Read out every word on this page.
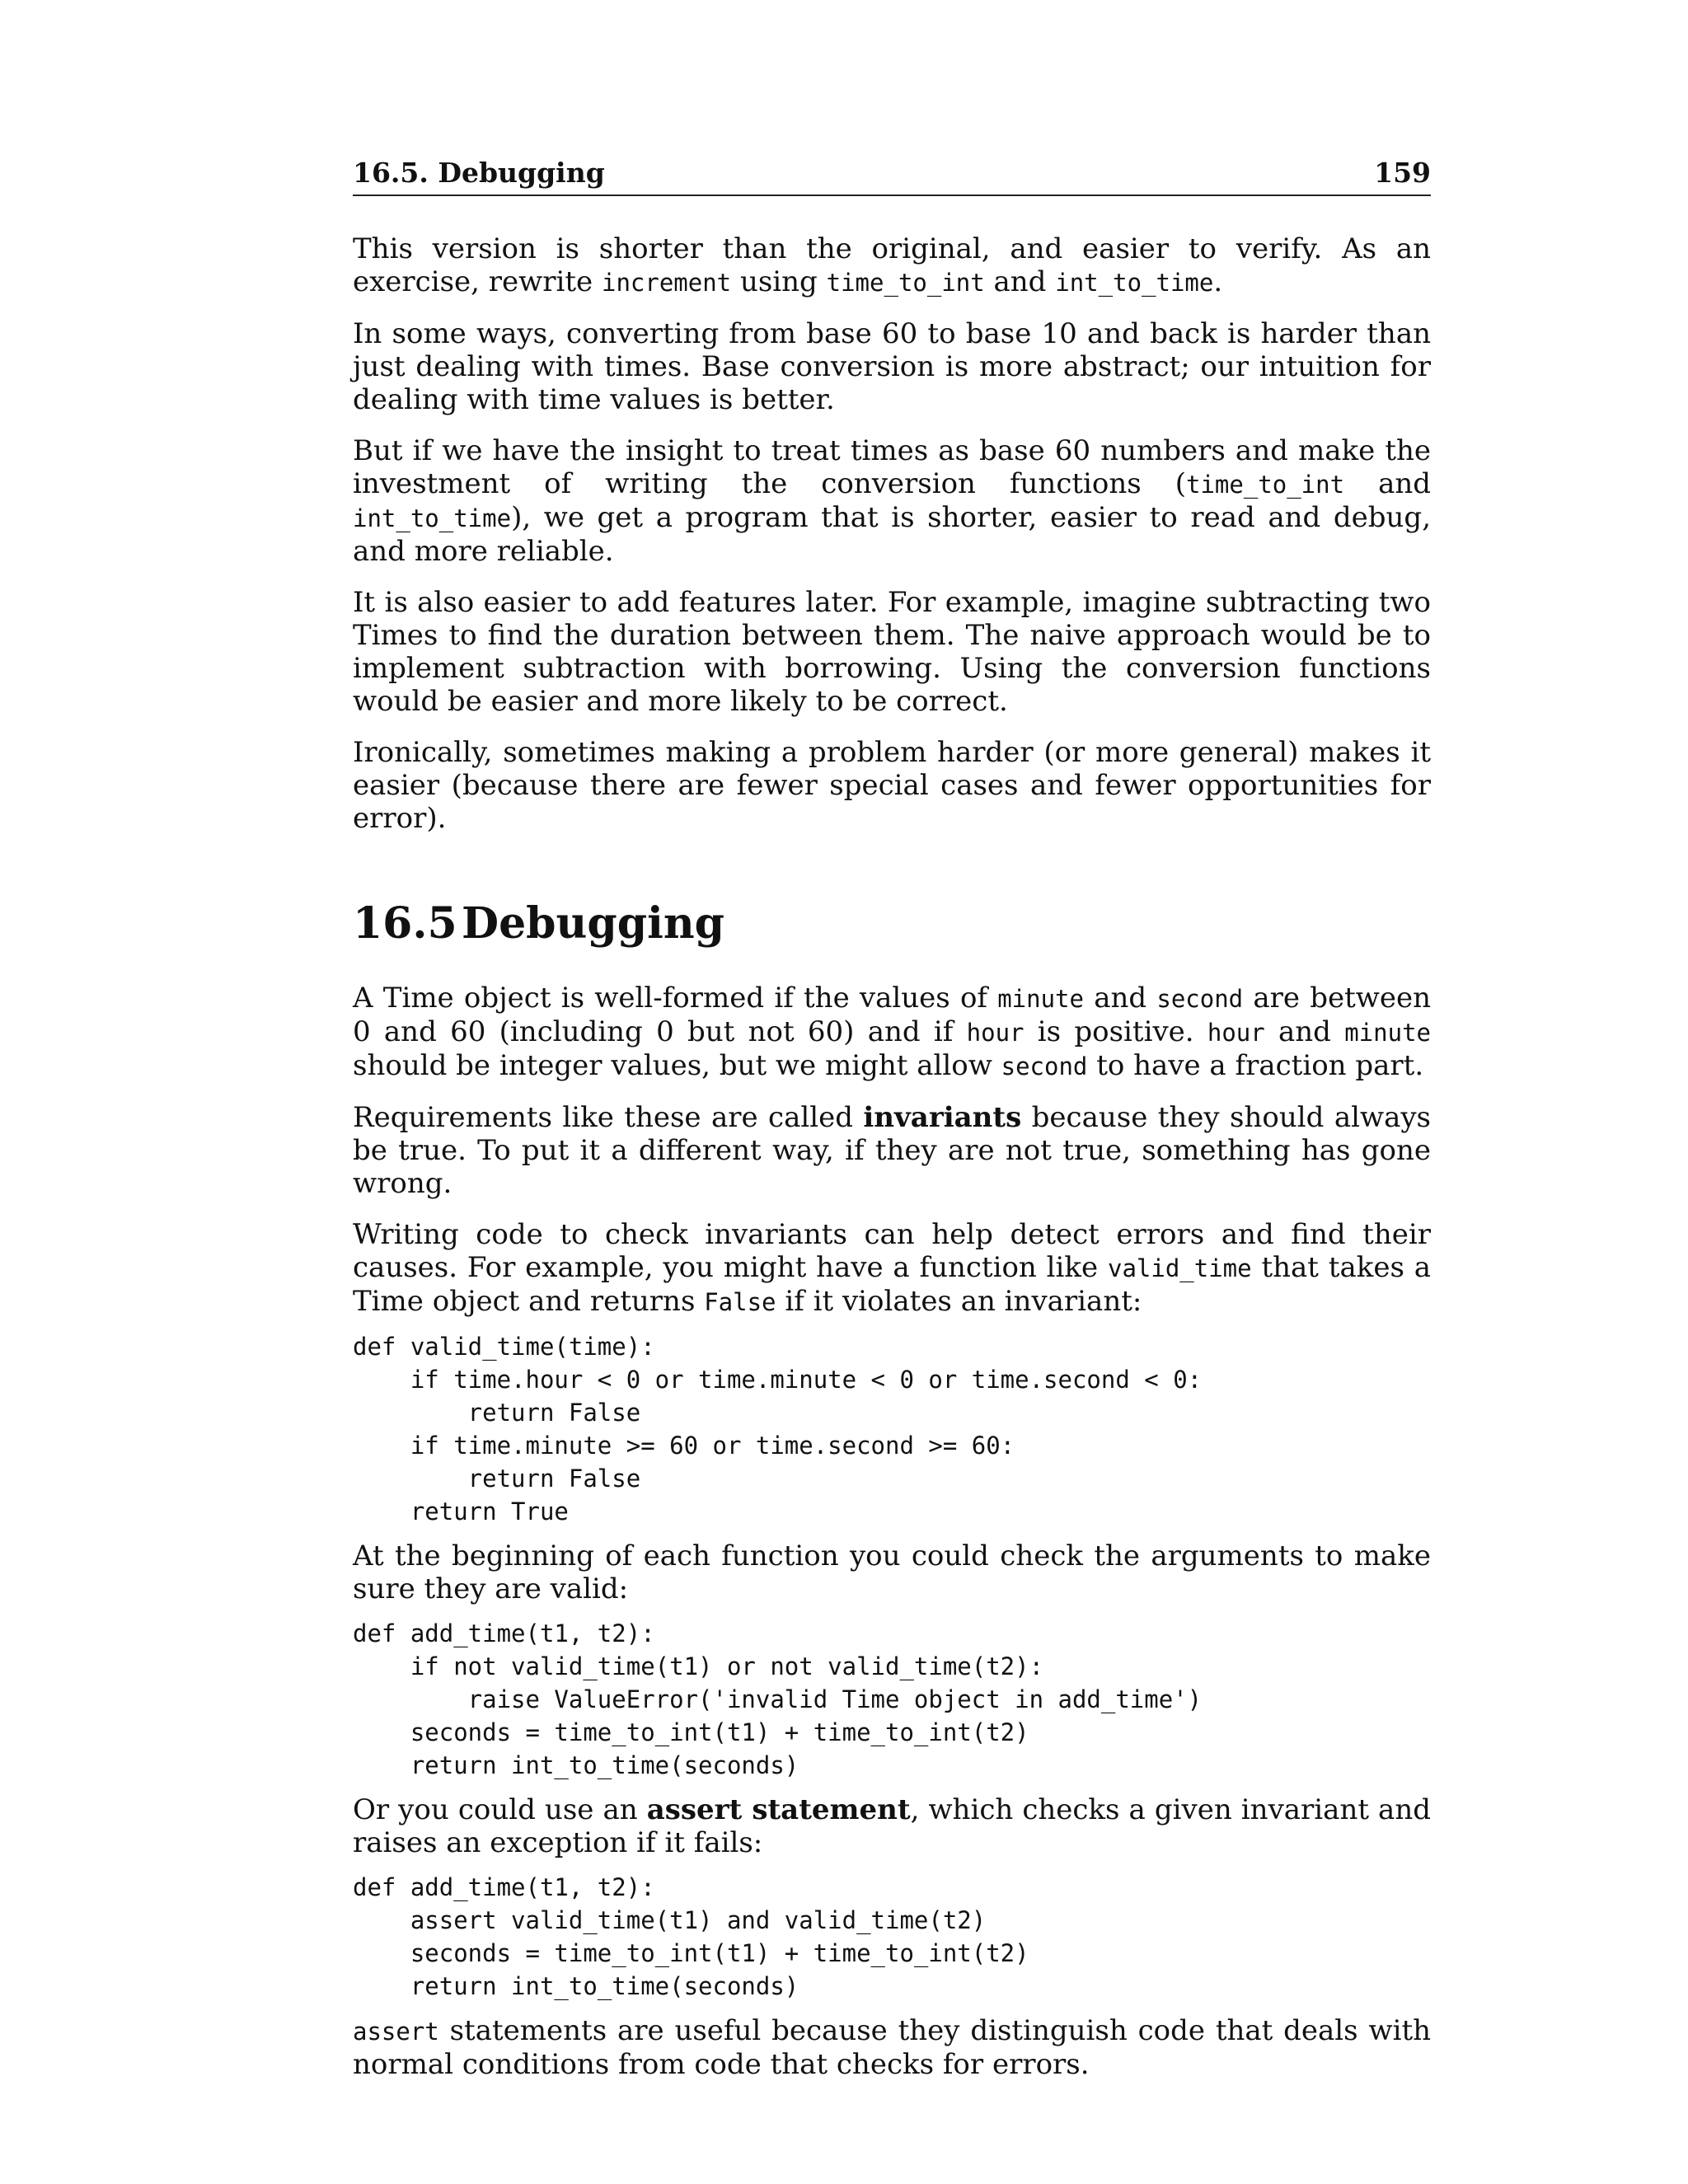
16.5. Debugging	159

This version is shorter than the original, and easier to verify. As an exercise, rewrite increment using time_to_int and int_to_time.

In some ways, converting from base 60 to base 10 and back is harder than just dealing with times. Base conversion is more abstract; our intuition for dealing with time values is better.

But if we have the insight to treat times as base 60 numbers and make the investment of writing the conversion functions (time_to_int and int_to_time), we get a program that is shorter, easier to read and debug, and more reliable.

It is also easier to add features later. For example, imagine subtracting two Times to find the duration between them. The naive approach would be to implement subtraction with borrowing. Using the conversion functions would be easier and more likely to be correct.

Ironically, sometimes making a problem harder (or more general) makes it easier (because there are fewer special cases and fewer opportunities for error).

16.5 Debugging

A Time object is well-formed if the values of minute and second are between 0 and 60 (including 0 but not 60) and if hour is positive. hour and minute should be integer values, but we might allow second to have a fraction part.

Requirements like these are called invariants because they should always be true. To put it a different way, if they are not true, something has gone wrong.

Writing code to check invariants can help detect errors and find their causes. For example, you might have a function like valid_time that takes a Time object and returns False if it violates an invariant:

def valid_time(time):
if time.hour < 0 or time.minute < 0 or time.second < 0:
return False
if time.minute >= 60 or time.second >= 60:
return False
return True

At the beginning of each function you could check the arguments to make sure they are valid:

def add_time(t1, t2):
if not valid_time(t1) or not valid_time(t2):
raise ValueError('invalid Time object in add_time')
seconds = time_to_int(t1) + time_to_int(t2)
return int_to_time(seconds)

Or you could use an assert statement, which checks a given invariant and raises an exception if it fails:

def add_time(t1, t2):
assert valid_time(t1) and valid_time(t2)
seconds = time_to_int(t1) + time_to_int(t2)
return int_to_time(seconds)

assert statements are useful because they distinguish code that deals with normal conditions from code that checks for errors.
